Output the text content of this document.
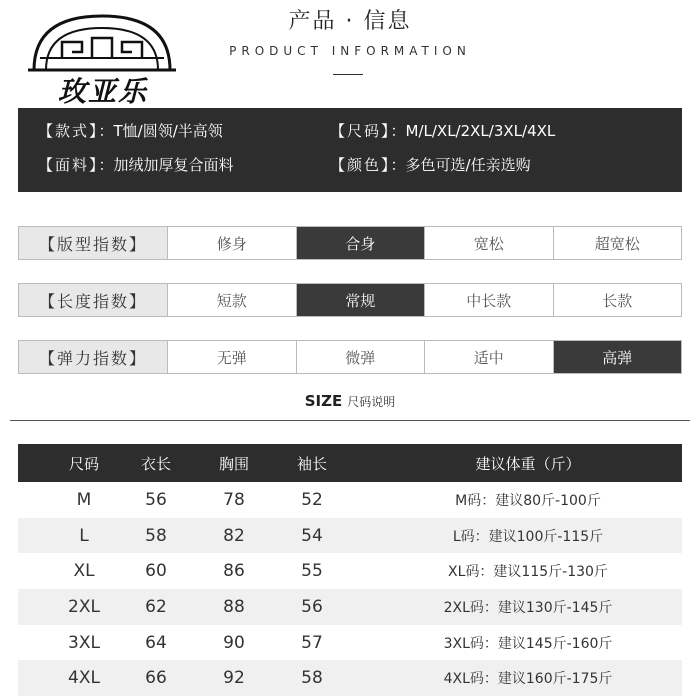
产品 · 信息
PRODUCT INFORMATION
玫亚乐
【款式】：T恤/圆领/半高领	【尺码】：M/L/XL/2XL/3XL/4XL
【面料】：加绒加厚复合面料	【颜色】：多色可选/任亲选购
【版型指数】	修身	合身	宽松	超宽松
【长度指数】	短款	常规	中长款	长款
【弹力指数】	无弹	微弹	适中	高弹
SIZE 尺码说明
尺码	衣长	胸围	袖长	建议体重（斤）
M	56	78	52	M码：建议80斤-100斤
L	58	82	54	L码：建议100斤-115斤
XL	60	86	55	XL码：建议115斤-130斤
2XL	62	88	56	2XL码：建议130斤-145斤
3XL	64	90	57	3XL码：建议145斤-160斤
4XL	66	92	58	4XL码：建议160斤-175斤
